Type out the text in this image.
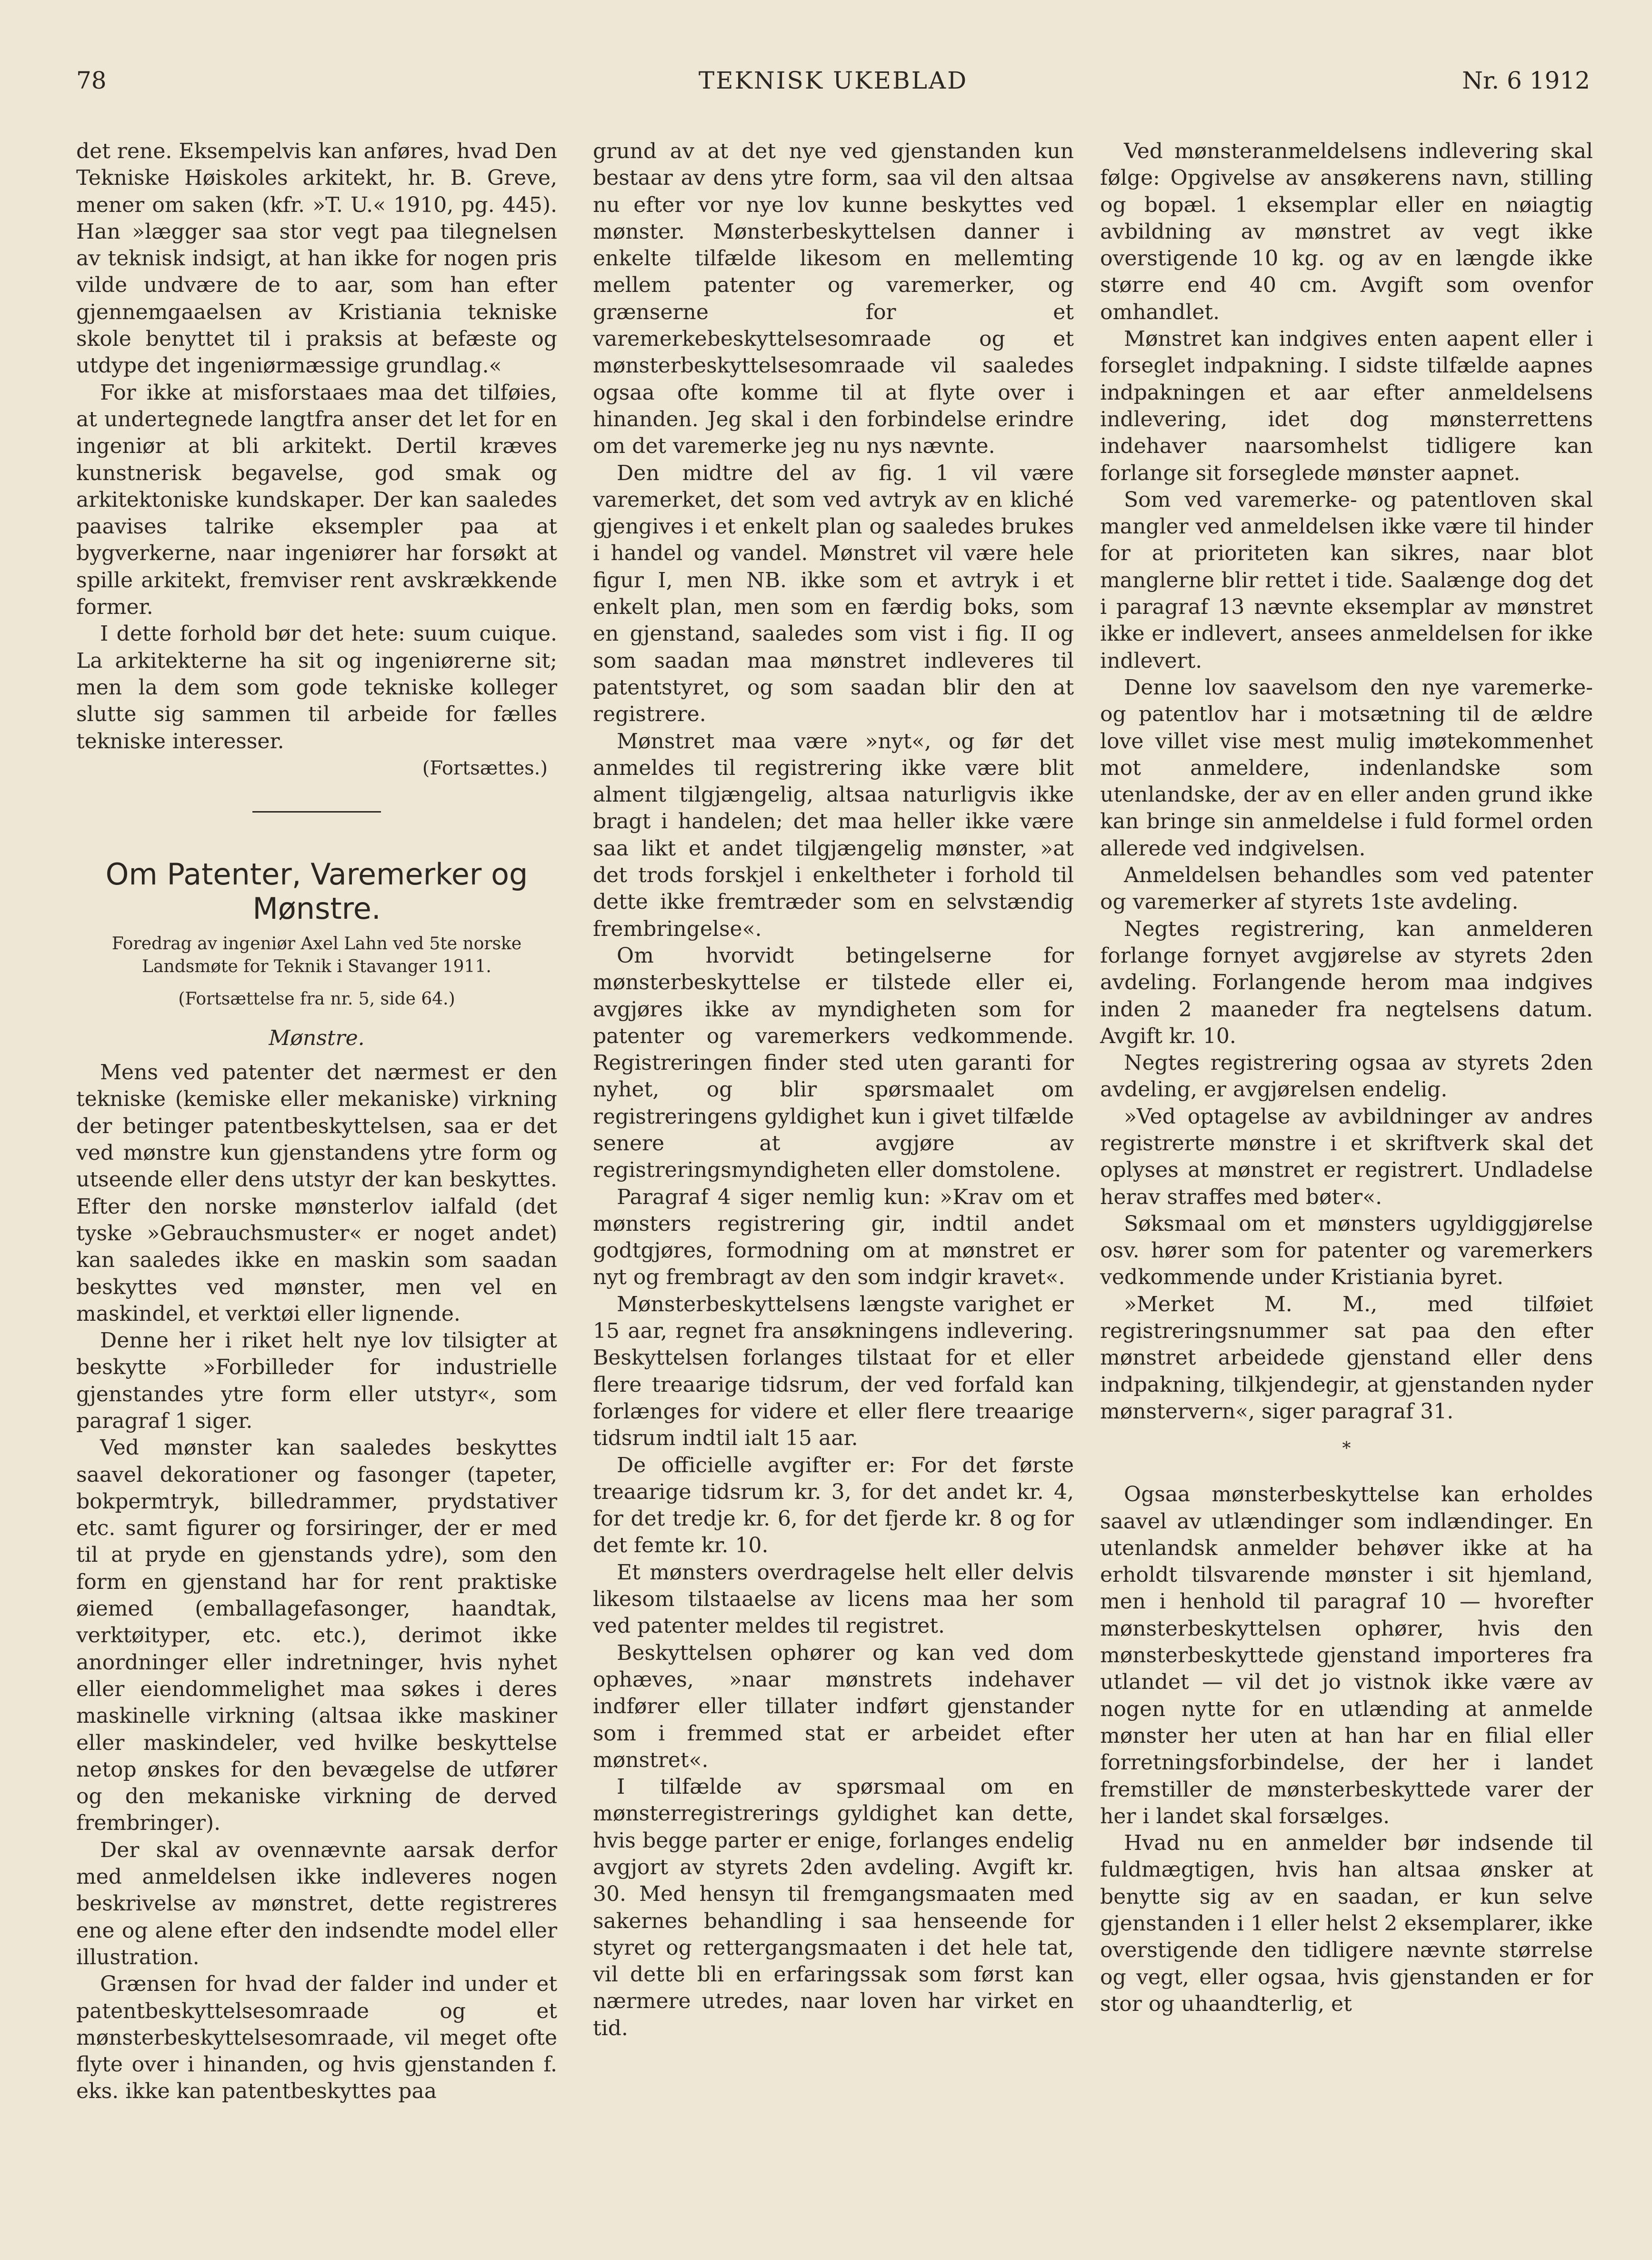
TEKNISK UKEBLAD
78	Nr. 6 1912

det rene. Eksempelvis kan anføres, hvad Den Tekniske Høiskoles arkitekt, hr. B. Greve, mener om saken (kfr. »T. U.« 1910, pg. 445). Han »lægger saa stor vegt paa tilegnelsen av teknisk indsigt, at han ikke for nogen pris vilde undvære de to aar, som han efter gjennemgaaelsen av Kristiania tekniske skole benyttet til i praksis at befæste og utdype det ingeniørmæssige grundlag.«

For ikke at misforstaaes maa det tilføies, at undertegnede langtfra anser det let for en ingeniør at bli arkitekt. Dertil kræves kunstnerisk begavelse, god smak og arkitektoniske kundskaper. Der kan saaledes paavises talrike eksempler paa at bygverkerne, naar ingeniører har forsøkt at spille arkitekt, fremviser rent avskrækkende former.

I dette forhold bør det hete: suum cuique. La arkitekterne ha sit og ingeniørerne sit; men la dem som gode tekniske kolleger slutte sig sammen til arbeide for fælles tekniske interesser.

(Fortsættes.)

Om Patenter, Varemerker og Mønstre.

Foredrag av ingeniør Axel Lahn ved 5te norske Landsmøte for Teknik i Stavanger 1911.

(Fortsættelse fra nr. 5, side 64.)

Mønstre.

Mens ved patenter det nærmest er den tekniske (kemiske eller mekaniske) virkning der betinger patentbeskyttelsen, saa er det ved mønstre kun gjenstandens ytre form og utseende eller dens utstyr der kan beskyttes. Efter den norske mønsterlov ialfald (det tyske »Gebrauchsmuster« er noget andet) kan saaledes ikke en maskin som saadan beskyttes ved mønster, men vel en maskindel, et verktøi eller lignende.

Denne her i riket helt nye lov tilsigter at beskytte »Forbilleder for industrielle gjenstandes ytre form eller utstyr«, som paragraf 1 siger.

Ved mønster kan saaledes beskyttes saavel dekorationer og fasonger (tapeter, bokpermtryk, billedrammer, prydstativer etc. samt figurer og forsiringer, der er med til at pryde en gjenstands ydre), som den form en gjenstand har for rent praktiske øiemed (emballagefasonger, haandtak, verktøityper, etc. etc.), derimot ikke anordninger eller indretninger, hvis nyhet eller eiendommelighet maa søkes i deres maskinelle virkning (altsaa ikke maskiner eller maskindeler, ved hvilke beskyttelse netop ønskes for den bevægelse de utfører og den mekaniske virkning de derved frembringer).

Der skal av ovennævnte aarsak derfor med anmeldelsen ikke indleveres nogen beskrivelse av mønstret, dette registreres ene og alene efter den indsendte model eller illustration.

Grænsen for hvad der falder ind under et patentbeskyttelsesomraade og et mønsterbeskyttelsesomraade, vil meget ofte flyte over i hinanden, og hvis gjenstanden f. eks. ikke kan patentbeskyttes paa

grund av at det nye ved gjenstanden kun bestaar av dens ytre form, saa vil den altsaa nu efter vor nye lov kunne beskyttes ved mønster. Mønsterbeskyttelsen danner i enkelte tilfælde likesom en mellemting mellem patenter og varemerker, og grænserne for et varemerkebeskyttelsesomraade og et mønsterbeskyttelsesomraade vil saaledes ogsaa ofte komme til at flyte over i hinanden. Jeg skal i den forbindelse erindre om det varemerke jeg nu nys nævnte.

Den midtre del av fig. 1 vil være varemerket, det som ved avtryk av en kliché gjengives i et enkelt plan og saaledes brukes i handel og vandel. Mønstret vil være hele figur I, men NB. ikke som et avtryk i et enkelt plan, men som en færdig boks, som en gjenstand, saaledes som vist i fig. II og som saadan maa mønstret indleveres til patentstyret, og som saadan blir den at registrere.

Mønstret maa være »nyt«, og før det anmeldes til registrering ikke være blit alment tilgjængelig, altsaa naturligvis ikke bragt i handelen; det maa heller ikke være saa likt et andet tilgjængelig mønster, »at det trods forskjel i enkeltheter i forhold til dette ikke fremtræder som en selvstændig frembringelse«.

Om hvorvidt betingelserne for mønsterbeskyttelse er tilstede eller ei, avgjøres ikke av myndigheten som for patenter og varemerkers vedkommende. Registreringen finder sted uten garanti for nyhet, og blir spørsmaalet om registreringens gyldighet kun i givet tilfælde senere at avgjøre av registreringsmyndigheten eller domstolene.

Paragraf 4 siger nemlig kun: »Krav om et mønsters registrering gir, indtil andet godtgjøres, formodning om at mønstret er nyt og frembragt av den som indgir kravet«.

Mønsterbeskyttelsens længste varighet er 15 aar, regnet fra ansøkningens indlevering. Beskyttelsen forlanges tilstaat for et eller flere treaarige tidsrum, der ved forfald kan forlænges for videre et eller flere treaarige tidsrum indtil ialt 15 aar.

De officielle avgifter er: For det første treaarige tidsrum kr. 3, for det andet kr. 4, for det tredje kr. 6, for det fjerde kr. 8 og for det femte kr. 10.

Et mønsters overdragelse helt eller delvis likesom tilstaaelse av licens maa her som ved patenter meldes til registret.

Beskyttelsen ophører og kan ved dom ophæves, »naar mønstrets indehaver indfører eller tillater indført gjenstander som i fremmed stat er arbeidet efter mønstret«.

I tilfælde av spørsmaal om en mønsterregistrerings gyldighet kan dette, hvis begge parter er enige, forlanges endelig avgjort av styrets 2den avdeling. Avgift kr. 30. Med hensyn til fremgangsmaaten med sakernes behandling i saa henseende for styret og rettergangsmaaten i det hele tat, vil dette bli en erfaringssak som først kan nærmere utredes, naar loven har virket en tid.

Ved mønsteranmeldelsens indlevering skal følge: Opgivelse av ansøkerens navn, stilling og bopæl. 1 eksemplar eller en nøiagtig avbildning av mønstret av vegt ikke overstigende 10 kg. og av en længde ikke større end 40 cm. Avgift som ovenfor omhandlet.

Mønstret kan indgives enten aapent eller i forseglet indpakning. I sidste tilfælde aapnes indpakningen et aar efter anmeldelsens indlevering, idet dog mønsterrettens indehaver naarsomhelst tidligere kan forlange sit forseglede mønster aapnet.

Som ved varemerke- og patentloven skal mangler ved anmeldelsen ikke være til hinder for at prioriteten kan sikres, naar blot manglerne blir rettet i tide. Saalænge dog det i paragraf 13 nævnte eksemplar av mønstret ikke er indlevert, ansees anmeldelsen for ikke indlevert.

Denne lov saavelsom den nye varemerke- og patentlov har i motsætning til de ældre love villet vise mest mulig imøtekommenhet mot anmeldere, indenlandske som utenlandske, der av en eller anden grund ikke kan bringe sin anmeldelse i fuld formel orden allerede ved indgivelsen.

Anmeldelsen behandles som ved patenter og varemerker af styrets 1ste avdeling.

Negtes registrering, kan anmelderen forlange fornyet avgjørelse av styrets 2den avdeling. Forlangende herom maa indgives inden 2 maaneder fra negtelsens datum. Avgift kr. 10.

Negtes registrering ogsaa av styrets 2den avdeling, er avgjørelsen endelig.

»Ved optagelse av avbildninger av andres registrerte mønstre i et skriftverk skal det oplyses at mønstret er registrert. Undladelse herav straffes med bøter«.

Søksmaal om et mønsters ugyldiggjørelse osv. hører som for patenter og varemerkers vedkommende under Kristiania byret.

»Merket M. M., med tilføiet registreringsnummer sat paa den efter mønstret arbeidede gjenstand eller dens indpakning, tilkjendegir, at gjenstanden nyder mønstervern«, siger paragraf 31.

*

Ogsaa mønsterbeskyttelse kan erholdes saavel av utlændinger som indlændinger. En utenlandsk anmelder behøver ikke at ha erholdt tilsvarende mønster i sit hjemland, men i henhold til paragraf 10 — hvorefter mønsterbeskyttelsen ophører, hvis den mønsterbeskyttede gjenstand importeres fra utlandet — vil det jo vistnok ikke være av nogen nytte for en utlænding at anmelde mønster her uten at han har en filial eller forretningsforbindelse, der her i landet fremstiller de mønsterbeskyttede varer der her i landet skal forsælges.

Hvad nu en anmelder bør indsende til fuldmægtigen, hvis han altsaa ønsker at benytte sig av en saadan, er kun selve gjenstanden i 1 eller helst 2 eksemplarer, ikke overstigende den tidligere nævnte størrelse og vegt, eller ogsaa, hvis gjenstanden er for stor og uhaandterlig, et
